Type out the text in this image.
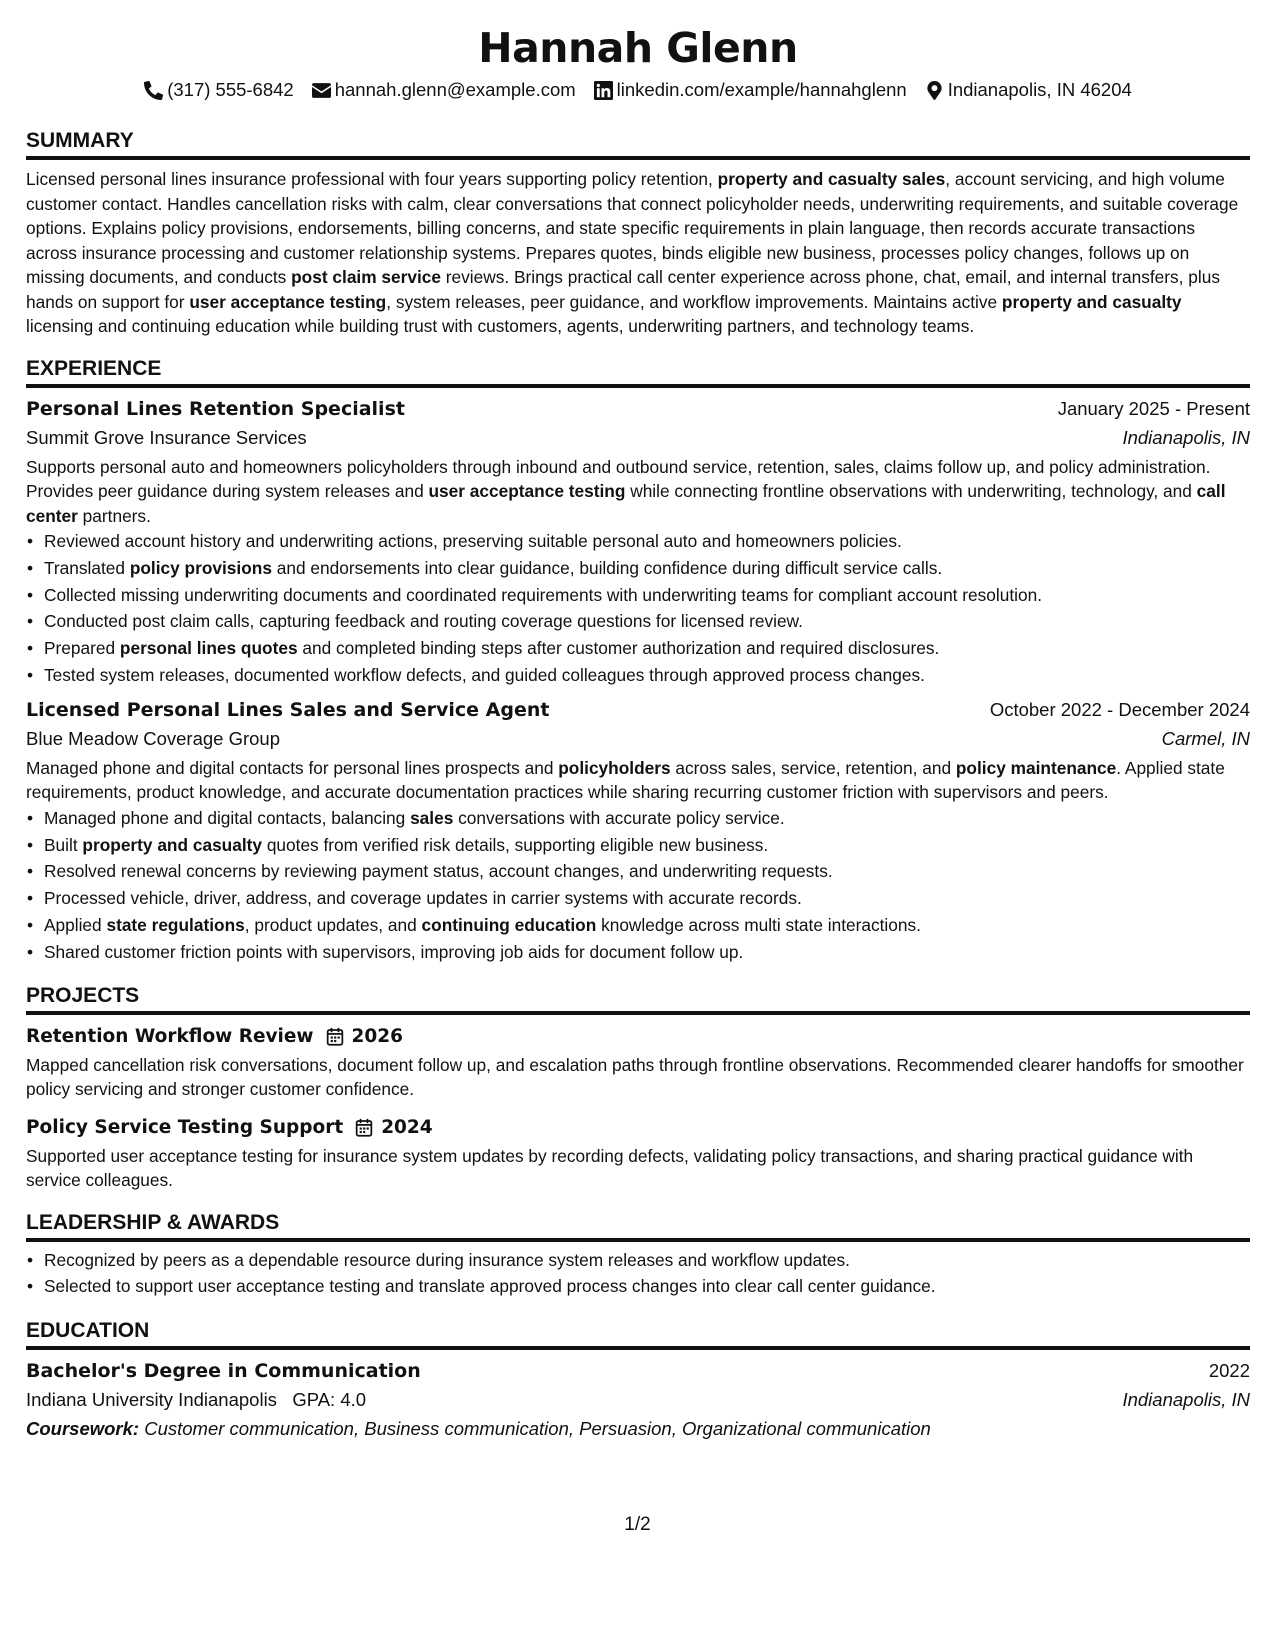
Hannah Glenn
(317) 555-6842 hannah.glenn@example.com linkedin.com/example/hannahglenn Indianapolis, IN 46204
SUMMARY

Licensed personal lines insurance professional with four years supporting policy retention, property and casualty sales, account servicing, and high volume customer contact. Handles cancellation risks with calm, clear conversations that connect policyholder needs, underwriting requirements, and suitable coverage options. Explains policy provisions, endorsements, billing concerns, and state specific requirements in plain language, then records accurate transactions across insurance processing and customer relationship systems. Prepares quotes, binds eligible new business, processes policy changes, follows up on missing documents, and conducts post claim service reviews. Brings practical call center experience across phone, chat, email, and internal transfers, plus hands on support for user acceptance testing, system releases, peer guidance, and workflow improvements. Maintains active property and casualty licensing and continuing education while building trust with customers, agents, underwriting partners, and technology teams.

EXPERIENCE
Personal Lines Retention Specialist	January 2025 - Present
Summit Grove Insurance Services	Indianapolis, IN

Supports personal auto and homeowners policyholders through inbound and outbound service, retention, sales, claims follow up, and policy administration. Provides peer guidance during system releases and user acceptance testing while connecting frontline observations with underwriting, technology, and call center partners.

• Reviewed account history and underwriting actions, preserving suitable personal auto and homeowners policies.
• Translated policy provisions and endorsements into clear guidance, building confidence during difficult service calls.
• Collected missing underwriting documents and coordinated requirements with underwriting teams for compliant account resolution.
• Conducted post claim calls, capturing feedback and routing coverage questions for licensed review.
• Prepared personal lines quotes and completed binding steps after customer authorization and required disclosures.
• Tested system releases, documented workflow defects, and guided colleagues through approved process changes.
Licensed Personal Lines Sales and Service Agent	October 2022 - December 2024
Blue Meadow Coverage Group	Carmel, IN

Managed phone and digital contacts for personal lines prospects and policyholders across sales, service, retention, and policy maintenance. Applied state requirements, product knowledge, and accurate documentation practices while sharing recurring customer friction with supervisors and peers.

• Managed phone and digital contacts, balancing sales conversations with accurate policy service.
• Built property and casualty quotes from verified risk details, supporting eligible new business.
• Resolved renewal concerns by reviewing payment status, account changes, and underwriting requests.
• Processed vehicle, driver, address, and coverage updates in carrier systems with accurate records.
• Applied state regulations, product updates, and continuing education knowledge across multi state interactions.
• Shared customer friction points with supervisors, improving job aids for document follow up.
PROJECTS
Retention Workflow Review 2026

Mapped cancellation risk conversations, document follow up, and escalation paths through frontline observations. Recommended clearer handoffs for smoother policy servicing and stronger customer confidence.

Policy Service Testing Support 2024

Supported user acceptance testing for insurance system updates by recording defects, validating policy transactions, and sharing practical guidance with service colleagues.

LEADERSHIP & AWARDS
• Recognized by peers as a dependable resource during insurance system releases and workflow updates.
• Selected to support user acceptance testing and translate approved process changes into clear call center guidance.
EDUCATION
Bachelor's Degree in Communication	2022
Indiana University Indianapolis GPA: 4.0	Indianapolis, IN
Coursework: Customer communication, Business communication, Persuasion, Organizational communication
1/2
